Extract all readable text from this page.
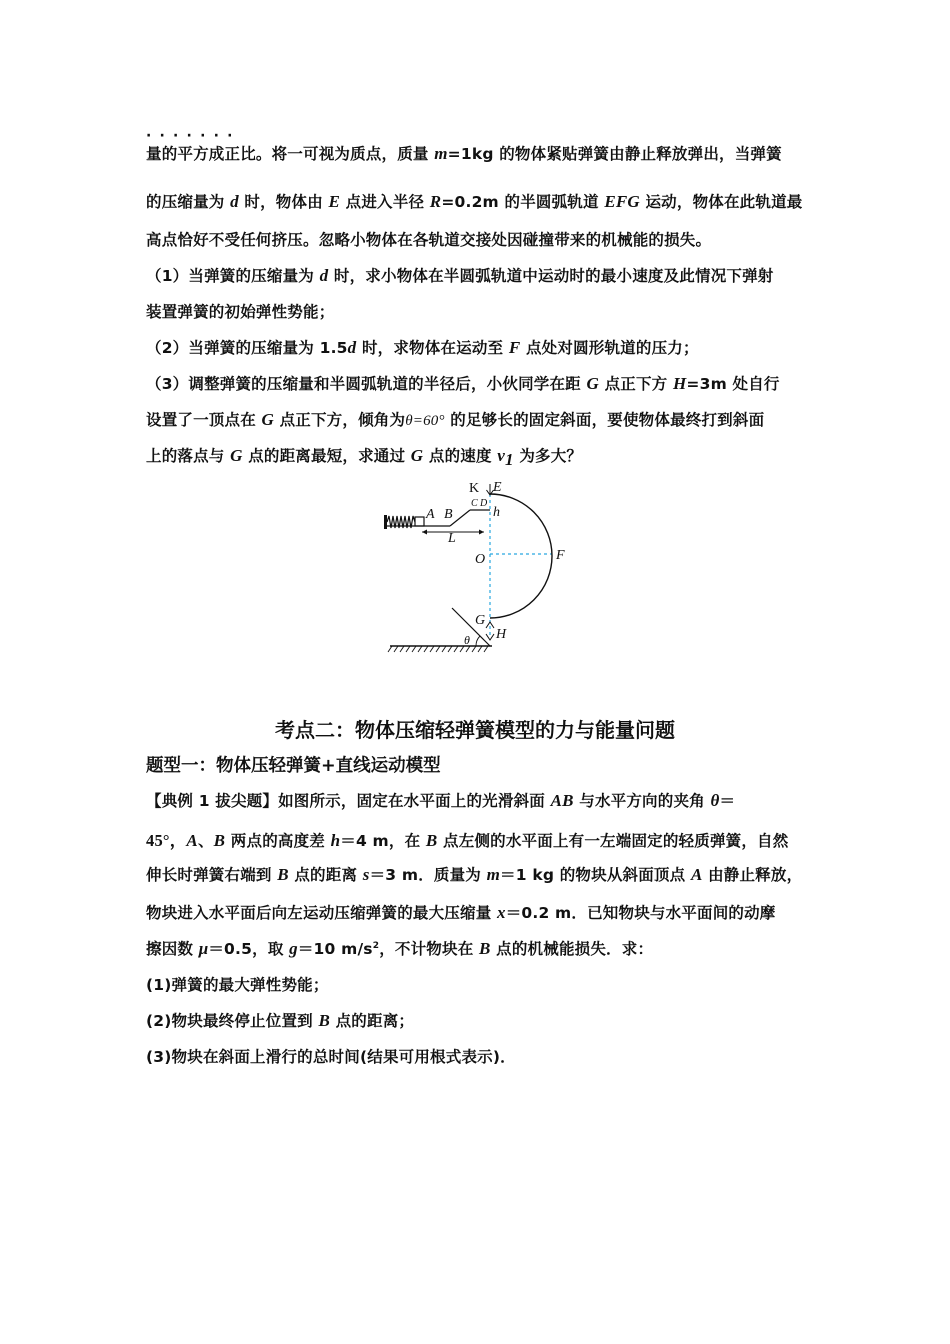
·······
量的平方成正比。将一可视为质点，质量 m=1kg 的物体紧贴弹簧由静止释放弹出，当弹簧
的压缩量为 d 时，物体由 E 点进入半径 R=0.2m 的半圆弧轨道 EFG 运动，物体在此轨道最
高点恰好不受任何挤压。忽略小物体在各轨道交接处因碰撞带来的机械能的损失。
（1）当弹簧的压缩量为 d 时，求小物体在半圆弧轨道中运动时的最小速度及此情况下弹射
装置弹簧的初始弹性势能；
（2）当弹簧的压缩量为 1.5d 时，求物体在运动至 F 点处对圆形轨道的压力；
（3）调整弹簧的压缩量和半圆弧轨道的半径后，小伙同学在距 G 点正下方 H=3m 处自行
设置了一顶点在 G 点正下方，倾角为θ=60° 的足够长的固定斜面，要使物体最终打到斜面
上的落点与 G 点的距离最短，求通过 G 点的速度 $v_1$ 为多大？
A B
C D
E
K
h
L
O	F
G
H
θ
考点二：物体压缩轻弹簧模型的力与能量问题
题型一：物体压轻弹簧+直线运动模型
【典例 1 拔尖题】如图所示，固定在水平面上的光滑斜面 AB 与水平方向的夹角 θ＝
45°，A、B 两点的高度差 h＝4 m，在 B 点左侧的水平面上有一左端固定的轻质弹簧，自然
伸长时弹簧右端到 B 点的距离 s＝3 m．质量为 m＝1 kg 的物块从斜面顶点 A 由静止释放，
物块进入水平面后向左运动压缩弹簧的最大压缩量 x＝0.2 m．已知物块与水平面间的动摩
擦因数 μ＝0.5，取 g＝10 $m/s^2$，不计物块在 B 点的机械能损失．求：
(1)弹簧的最大弹性势能；
(2)物块最终停止位置到 B 点的距离；
(3)物块在斜面上滑行的总时间(结果可用根式表示)．
